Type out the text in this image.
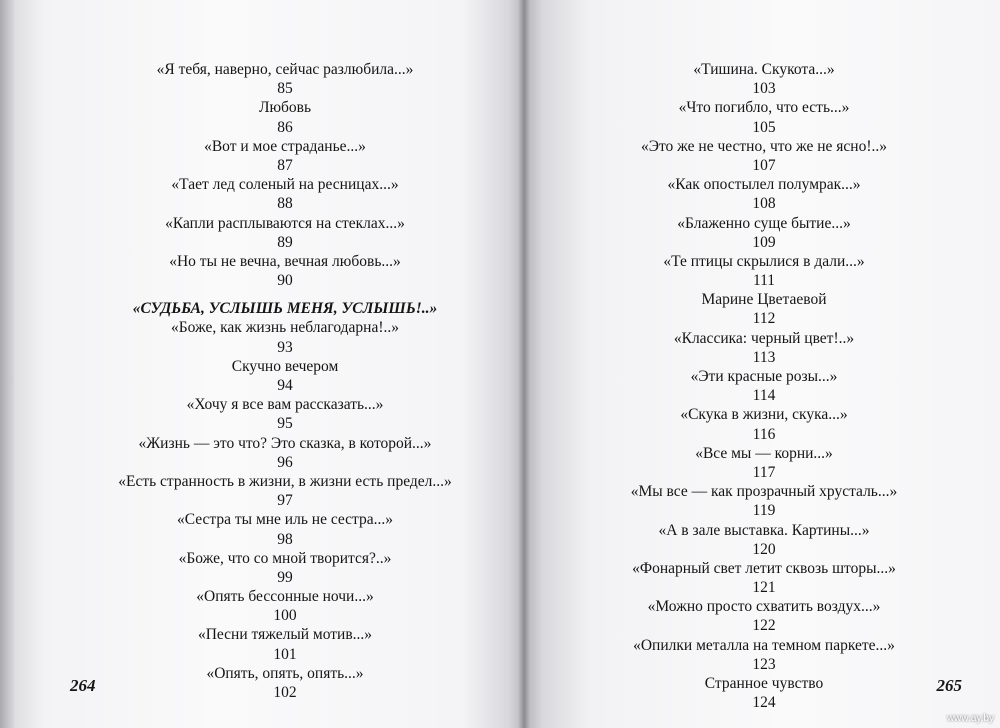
«Я тебя, наверно, сейчас разлюбила...»
85
Любовь
86
«Вот и мое страданье...»
87
«Тает лед соленый на ресницах...»
88
«Капли расплываются на стеклах...»
89
«Но ты не вечна, вечная любовь...»
90
«СУДЬБА, УСЛЫШЬ МЕНЯ, УСЛЫШЬ!..»
«Боже, как жизнь неблагодарна!..»
93
Скучно вечером
94
«Хочу я все вам рассказать...»
95
«Жизнь — это что? Это сказка, в которой...»
96
«Есть странность в жизни, в жизни есть предел...»
97
«Сестра ты мне иль не сестра...»
98
«Боже, что со мной творится?..»
99
«Опять бессонные ночи...»
100
«Песни тяжелый мотив...»
101
«Опять, опять, опять...»
102
264
«Тишина. Скукота...»
103
«Что погибло, что есть...»
105
«Это же не честно, что же не ясно!..»
107
«Как опостылел полумрак...»
108
«Блаженно суще бытие...»
109
«Те птицы скрылися в дали...»
111
Марине Цветаевой
112
«Классика: черный цвет!..»
113
«Эти красные розы...»
114
«Скука в жизни, скука...»
116
«Все мы — корни...»
117
«Мы все — как прозрачный хрусталь...»
119
«А в зале выставка. Картины...»
120
«Фонарный свет летит сквозь шторы...»
121
«Можно просто схватить воздух...»
122
«Опилки металла на темном паркете...»
123
Странное чувство
124
265
www.ay.by
